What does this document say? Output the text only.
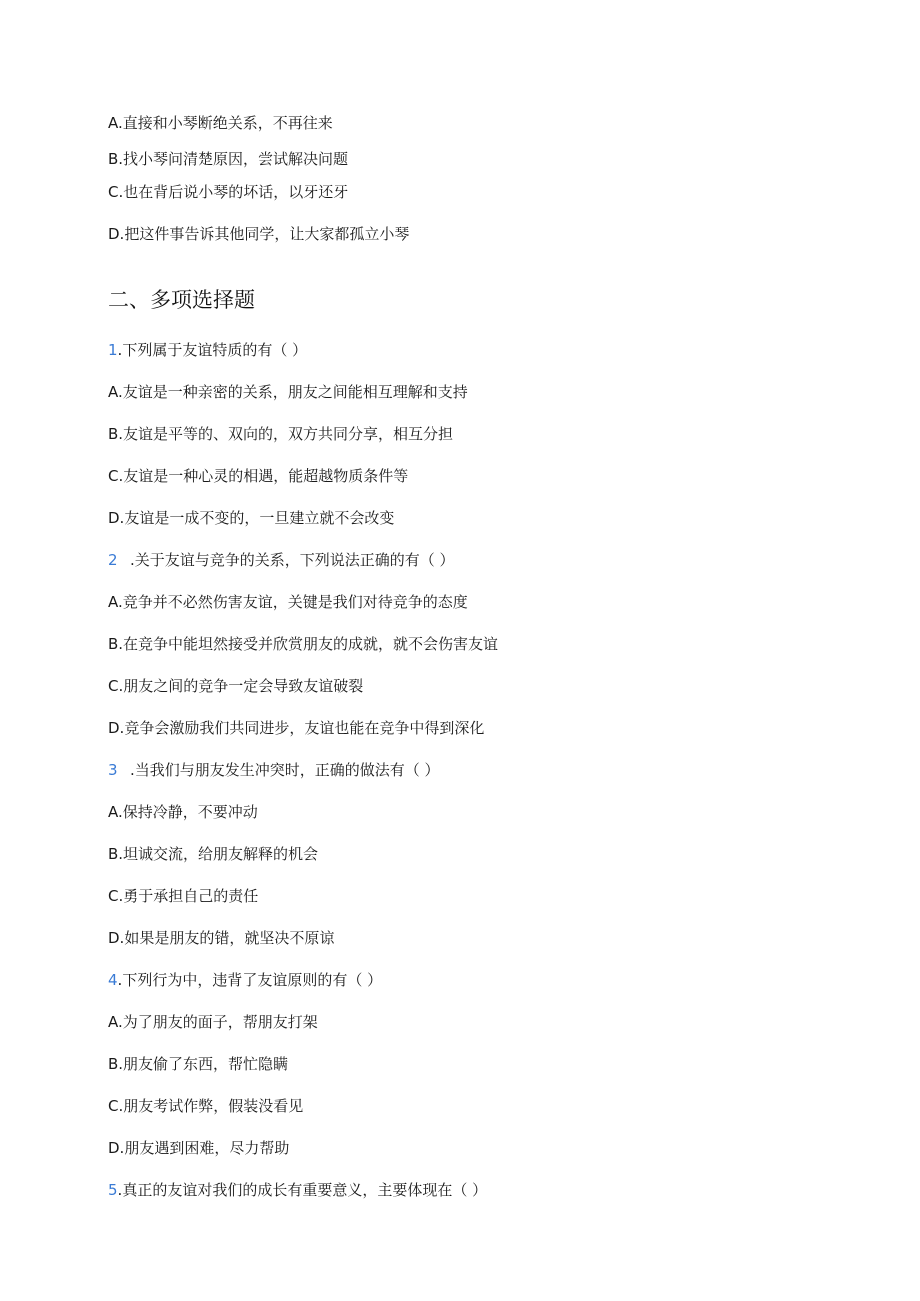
A.直接和小琴断绝关系，不再往来
B.找小琴问清楚原因，尝试解决问题
C.也在背后说小琴的坏话，以牙还牙
D.把这件事告诉其他同学，让大家都孤立小琴
二、多项选择题
1.下列属于友谊特质的有（ ）
A.友谊是一种亲密的关系，朋友之间能相互理解和支持
B.友谊是平等的、双向的，双方共同分享，相互分担
C.友谊是一种心灵的相遇，能超越物质条件等
D.友谊是一成不变的，一旦建立就不会改变
2 .关于友谊与竞争的关系，下列说法正确的有（ ）
A.竞争并不必然伤害友谊，关键是我们对待竞争的态度
B.在竞争中能坦然接受并欣赏朋友的成就，就不会伤害友谊
C.朋友之间的竞争一定会导致友谊破裂
D.竞争会激励我们共同进步，友谊也能在竞争中得到深化
3 .当我们与朋友发生冲突时，正确的做法有（ ）
A.保持冷静，不要冲动
B.坦诚交流，给朋友解释的机会
C.勇于承担自己的责任
D.如果是朋友的错，就坚决不原谅
4.下列行为中，违背了友谊原则的有（ ）
A.为了朋友的面子，帮朋友打架
B.朋友偷了东西，帮忙隐瞒
C.朋友考试作弊，假装没看见
D.朋友遇到困难，尽力帮助
5.真正的友谊对我们的成长有重要意义，主要体现在（ ）
